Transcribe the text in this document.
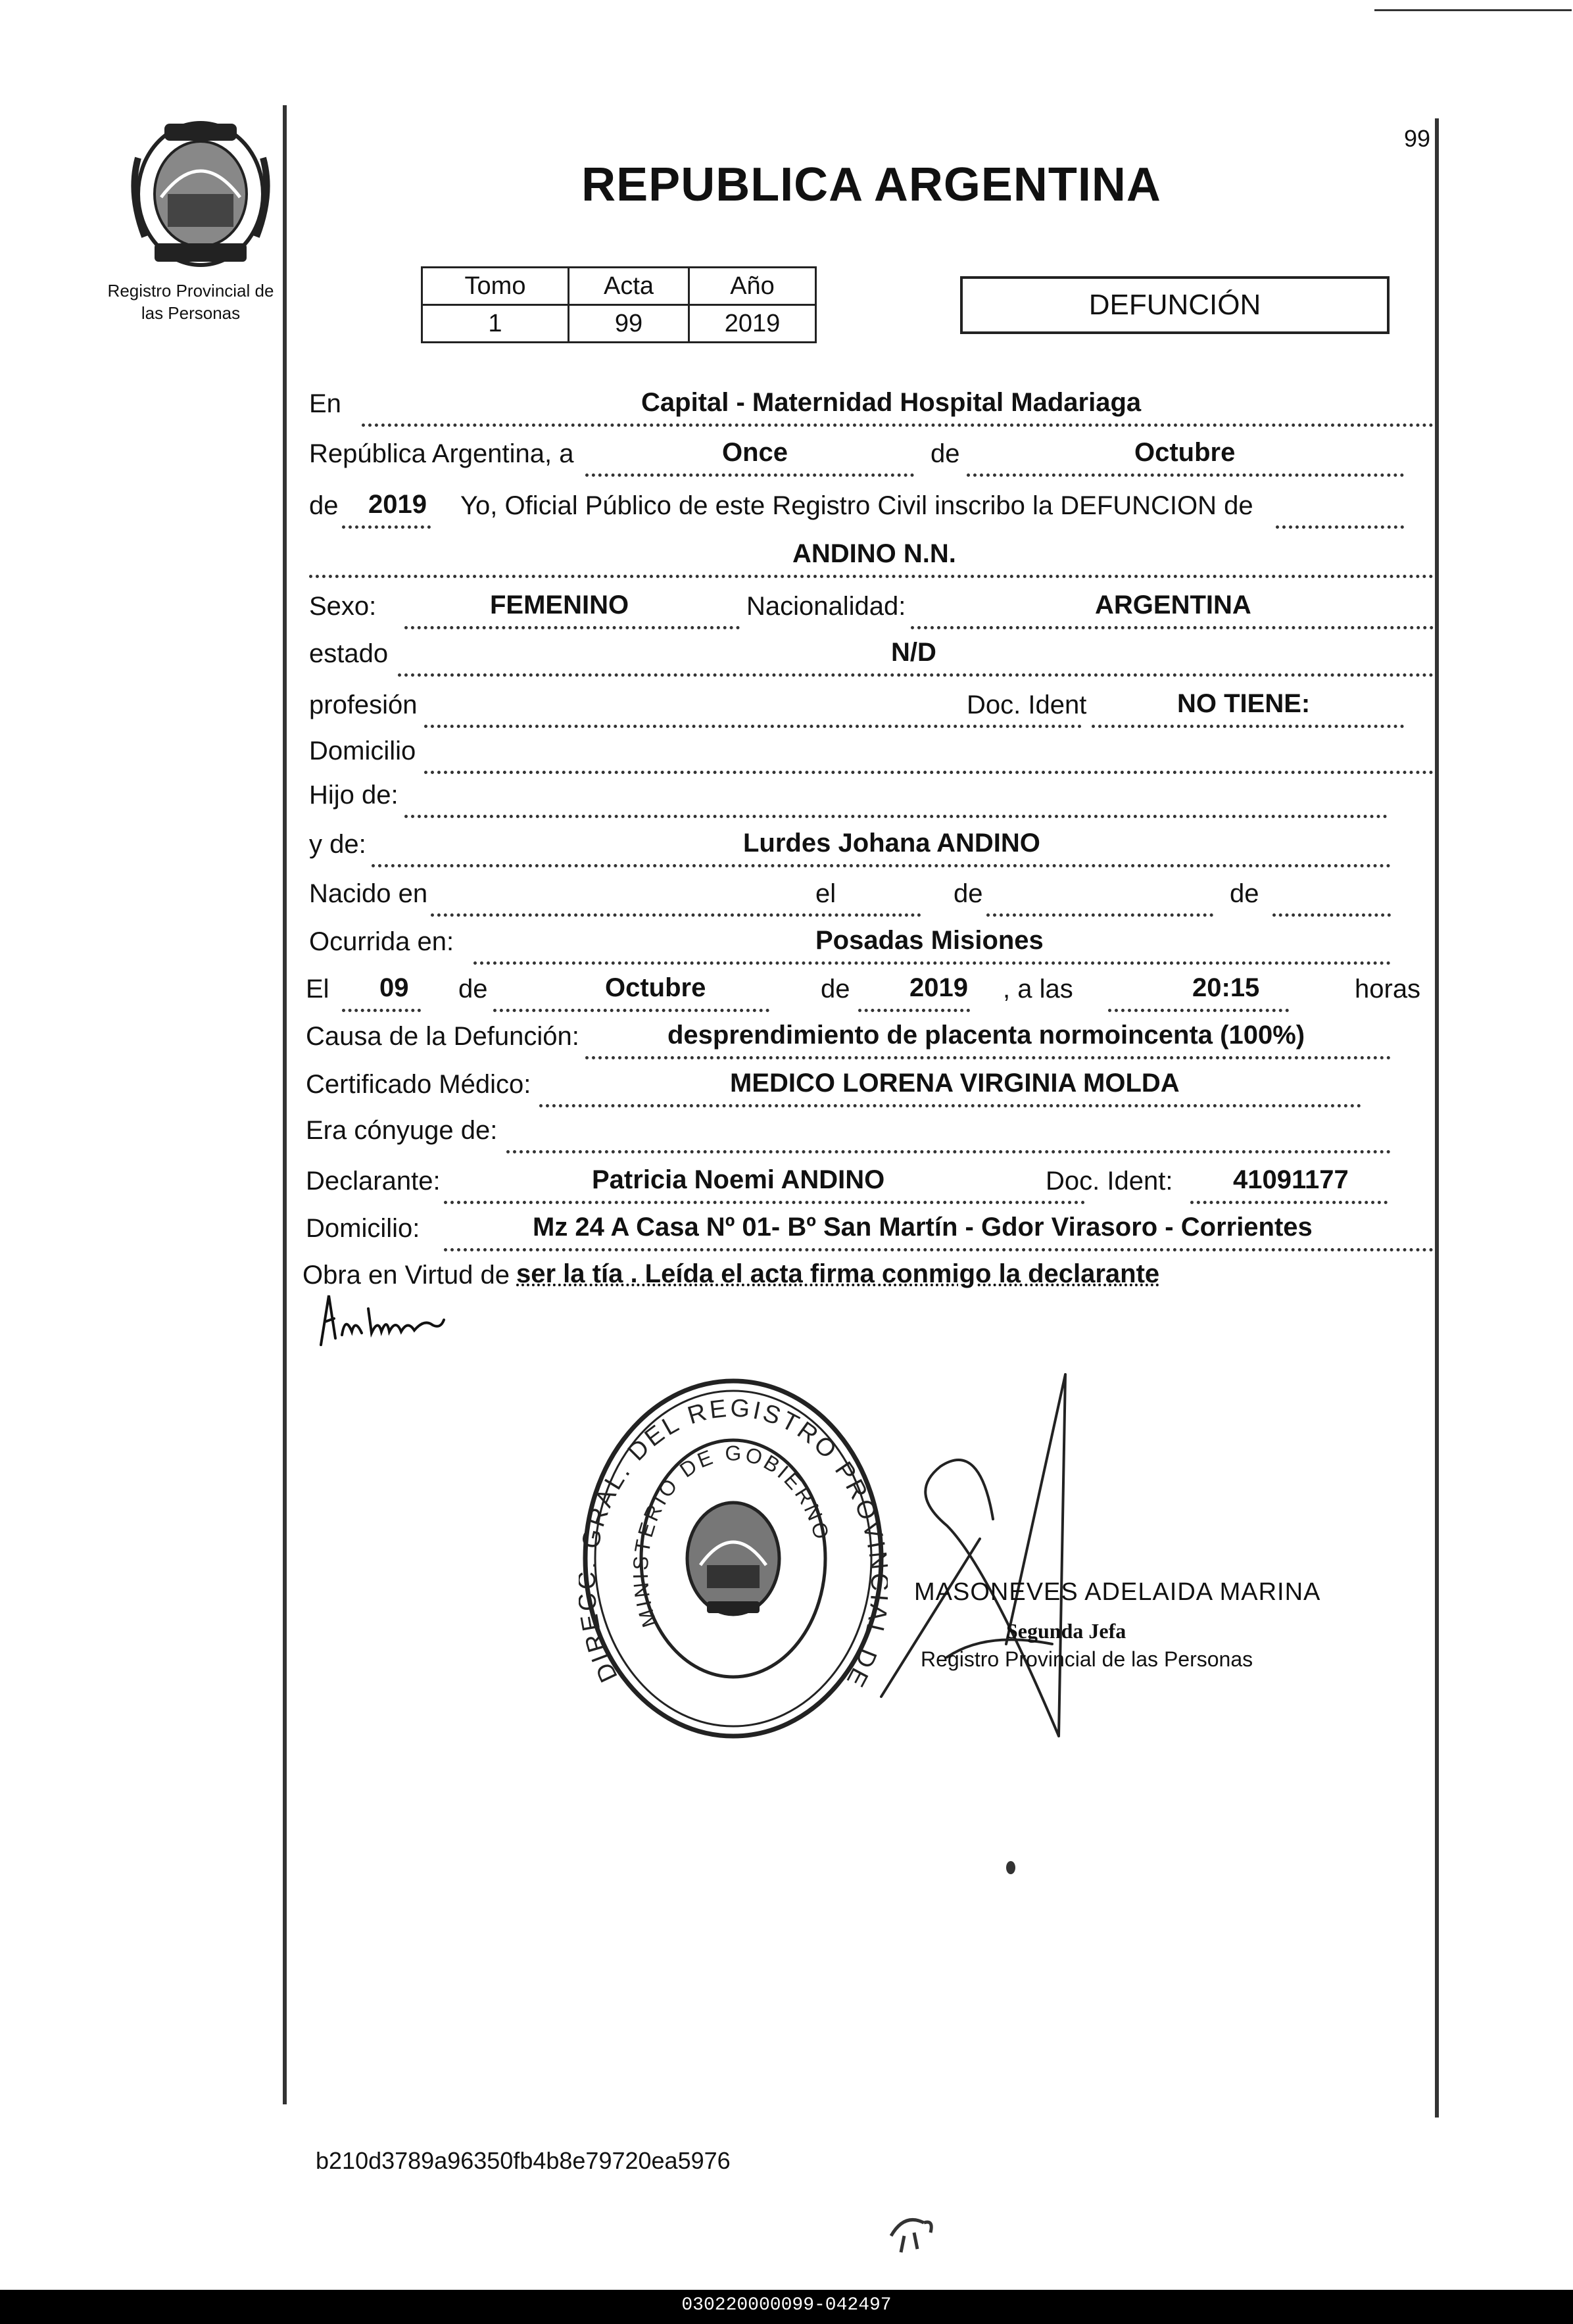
Registro Provincial de
las Personas
99
REPUBLICA ARGENTINA
Tomo	Acta	Año
1	99	2019
DEFUNCIÓN
En	Capital - Maternidad Hospital Madariaga
República Argentina, a	Once	de	Octubre
de 2019 Yo, Oficial Público de este Registro Civil inscribo la DEFUNCION de
ANDINO N.N.
Sexo:	FEMENINO	Nacionalidad:	ARGENTINA
estado	N/D
profesión	Doc. Ident	NO TIENE:
Domicilio
Hijo de:
y de:	Lurdes Johana ANDINO
Nacido en	el	de	de
Ocurrida en:	Posadas Misiones
El 09 de	Octubre	de 2019 , a las	20:15	horas
Causa de la Defunción:	desprendimiento de placenta normoincenta (100%)
Certificado Médico:	MEDICO LORENA VIRGINIA MOLDA
Era cónyuge de:
Declarante:	Patricia Noemi ANDINO	Doc. Ident: 41091177
Domicilio:	Mz 24 A Casa Nº 01- Bº San Martín - Gdor Virasoro - Corrientes
Obra en Virtud de ser la tía . Leída el acta firma conmigo la declarante
DIR GRAL. DEL REGISTRO PROVI L DE
MINISTERIO DE GOBIERNO
MASONEVES ADELAIDA MARINA
Segunda Jefa
Registro Provincial de las Personas
b210d3789a96350fb4b8e79720ea5976
030220000099-042497
